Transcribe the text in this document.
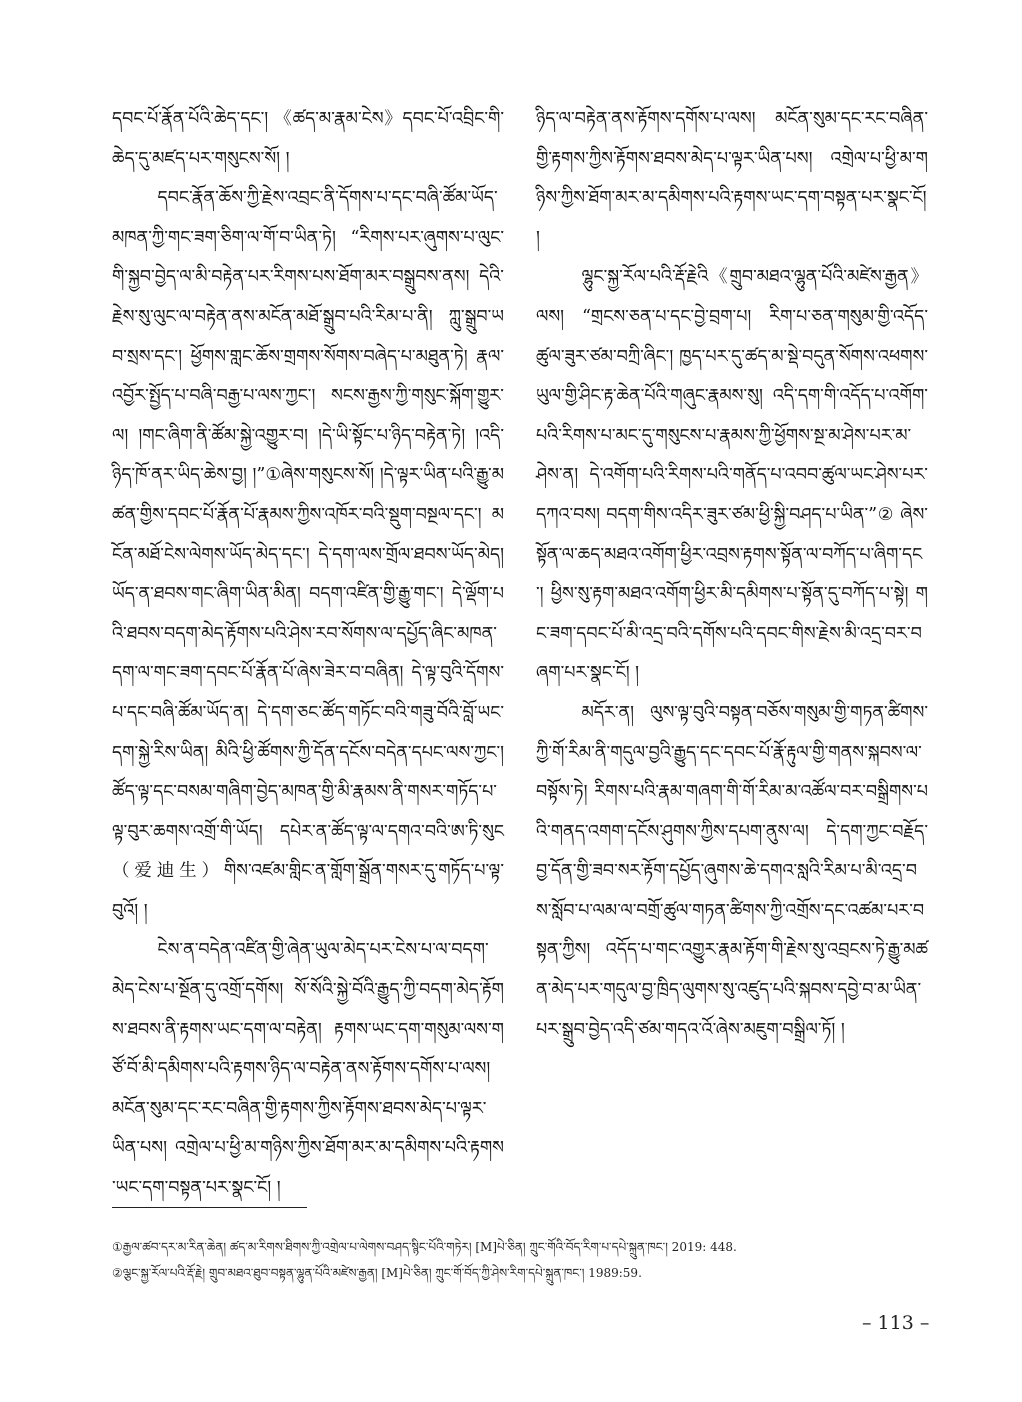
དབང་པོ་རྣོན་པོའི་ཆེད་དང་། 《ཚད་མ་རྣམ་ངེས》དབང་པོ་འབྲིང་གི་ཆེད་དུ་མཛད་པར་གསུངས་སོ། །

དབང་རྣོན་ཆོས་ཀྱི་རྗེས་འབྲང་ནི་དོགས་པ་དང་བཞི་ཚོམ་ཡོད་མཁན་ཀྱི་གང་ཟག་ཅིག་ལ་གོ་བ་ཡིན་ཏེ། “རིགས་པར་ཞུགས་པ་ལུང་གི་སྐྱབ་བྱེད་ལ་མི་བརྟེན་པར་རིགས་པས་ཐོག་མར་བསྒྲུབས་ནས། དེའི་རྗེས་སུ་ལུང་ལ་བརྟེན་ནས་མངོན་མཐོ་སྒྲུབ་པའི་རིམ་པ་ནི། ཀླུ་སྒྲུབ་ཡབ་སྲས་དང་། ཕྱོགས་གླང་ཆོས་གྲགས་སོགས་བཞེད་པ་མཐུན་ཏེ། རྣལ་འབྱོར་སྤྱོད་པ་བཞི་བརྒྱ་པ་ལས་ཀྱང་། སངས་རྒྱས་ཀྱི་གསུང་སྐོག་གྱུར་ལ། །གང་ཞིག་ནི་ཚོམ་སྐྱེ་འགྱུར་བ། །དེ་ཡི་སྟོང་པ་ཉིད་བརྟེན་ཏེ། །འདི་ཉིད་ཁོ་ནར་ཡིད་ཆེས་བྱ། །”①ཞེས་གསུངས་སོ། །དེ་ལྟར་ཡིན་པའི་རྒྱུ་མཚན་གྱིས་དབང་པོ་རྣོན་པོ་རྣམས་ཀྱིས་འཁོར་བའི་སྡུག་བསྔལ་དང་། མངོན་མཐོ་ངེས་ལེགས་ཡོད་མེད་དང་། དེ་དག་ལས་གྲོལ་ཐབས་ཡོད་མེད། ཡོད་ན་ཐབས་གང་ཞིག་ཡིན་མིན། བདག་འཛིན་གྱི་རྒྱུ་གང་། དེ་ལྡོག་པའི་ཐབས་བདག་མེད་རྟོགས་པའི་ཤེས་རབ་སོགས་ལ་དཔྱོད་ཞིང་མཁན་དག་ལ་གང་ཟག་དབང་པོ་རྣོན་པོ་ཞེས་ཟེར་བ་བཞིན། དེ་ལྟ་བུའི་དོགས་པ་དང་བཞི་ཚོམ་ཡོད་ན། དེ་དག་ཅང་ཚོད་གཏོང་བའི་གཟུ་བོའི་བློ་ཡང་དག་སྐྱེ་རིས་ཡིན། མིའི་ཕྱི་ཚོགས་ཀྱི་དོན་དངོས་བདེན་དཔང་ལས་ཀྱང་། ཚོད་ལྟ་དང་བསམ་གཞིག་བྱེད་མཁན་གྱི་མི་རྣམས་ནི་གསར་གཏོད་པ་ལྟ་བུར་ཆགས་འགྲོ་གི་ཡོད། དཔེར་ན་ཚོད་ལྟ་ལ་དགའ་བའི་ཨ་ཏི་སུང（爱迪生）གིས་འཛམ་གླིང་ན་གློག་སྒྲོན་གསར་དུ་གཏོད་པ་ལྟ་བུའོ། །

ངེས་ན་བདེན་འཛིན་གྱི་ཞེན་ཡུལ་མེད་པར་ངེས་པ་ལ་བདག་མེད་ངེས་པ་སྔོན་དུ་འགྲོ་དགོས། སོ་སོའི་སྐྱེ་བོའི་རྒྱུད་ཀྱི་བདག་མེད་རྟོགས་ཐབས་ནི་རྟགས་ཡང་དག་ལ་བརྟེན། རྟགས་ཡང་དག་གསུམ་ལས་གཙོ་བོ་མི་དམིགས་པའི་རྟགས་ཉིད་ལ་བརྟེན་ནས་རྟོགས་དགོས་པ་ལས། མངོན་སུམ་དང་རང་བཞིན་གྱི་རྟགས་ཀྱིས་རྟོགས་ཐབས་མེད་པ་ལྟར་ཡིན་པས། འགྲེལ་པ་ཕྱི་མ་གཉིས་ཀྱིས་ཐོག་མར་མ་དམིགས་པའི་རྟགས་ཡང་དག་བསྟན་པར་སྣང་ངོ། །

ཉིད་ལ་བརྟེན་ནས་རྟོགས་དགོས་པ་ལས། མངོན་སུམ་དང་རང་བཞིན་གྱི་རྟགས་ཀྱིས་རྟོགས་ཐབས་མེད་པ་ལྟར་ཡིན་པས། འགྲེལ་པ་ཕྱི་མ་གཉིས་ཀྱིས་ཐོག་མར་མ་དམིགས་པའི་རྟགས་ཡང་དག་བསྟན་པར་སྣང་ངོ། །

ལྷུང་སྐྱ་རོལ་པའི་རྡོ་རྗེའི《གྲུབ་མཐའ་ལྷུན་པོའི་མཛེས་རྒྱན》ལས། “གྲངས་ཅན་པ་དང་བྱེ་བྲག་པ། རིག་པ་ཅན་གསུམ་གྱི་འདོད་ཚུལ་ཟུར་ཙམ་བཀྲི་ཞིང་། ཁྱད་པར་དུ་ཚད་མ་སྡེ་བདུན་སོགས་འཕགས་ཡུལ་གྱི་ཤིང་རྟ་ཆེན་པོའི་གཞུང་རྣམས་སུ། འདི་དག་གི་འདོད་པ་འགོག་པའི་རིགས་པ་མང་དུ་གསུངས་པ་རྣམས་ཀྱི་ཕྱོགས་སྔ་མ་ཤེས་པར་མ་ཤེས་ན། དེ་འགོག་པའི་རིགས་པའི་གནོད་པ་འབབ་ཚུལ་ཡང་ཤེས་པར་དཀའ་བས། བདག་གིས་འདིར་ཟུར་ཙམ་ཕྱི་སྐྱི་བཤད་པ་ཡིན་”② ཞེས་སྟོན་ལ་ཆད་མཐའ་འགོག་ཕྱིར་འབྲས་རྟགས་སྟོན་ལ་བཀོད་པ་ཞིག་དང་། ཕྱིས་སུ་རྟག་མཐའ་འགོག་ཕྱིར་མི་དམིགས་པ་སྟོན་དུ་བཀོད་པ་སྟེ། གང་ཟག་དབང་པོ་མི་འདྲ་བའི་དགོས་པའི་དབང་གིས་རྗེས་མི་འདྲ་བར་བཞག་པར་སྣང་ངོ། །

མདོར་ན། ལུས་ལྟ་བུའི་བསྟན་བཅོས་གསུམ་གྱི་གཏན་ཚིགས་ཀྱི་གོ་རིམ་ནི་གདུལ་བྱའི་རྒྱུད་དང་དབང་པོ་རྣོ་རྟུལ་གྱི་གནས་སྐབས་ལ་བསྟོས་ཏེ། རིགས་པའི་རྣམ་གཞག་གི་གོ་རིམ་མ་འཚོལ་བར་བསྒྲིགས་པའི་གནད་འགག་དངོས་ཤུགས་ཀྱིས་དཔག་ནུས་ལ། དེ་དག་ཀྱང་བརྗོད་བྱ་དོན་གྱི་ཟབ་སར་རྟོག་དཔྱོད་ཞུགས་ཆེ་དགའ་སླའི་རིམ་པ་མི་འདྲ་བས་སློབ་པ་ལམ་ལ་བགྲོ་ཚུལ་གཏན་ཚིགས་ཀྱི་འགྲོས་དང་འཚམ་པར་བསྟན་ཀྱིས། འདོད་པ་གང་འགྱུར་རྣམ་རྟོག་གི་རྗེས་སུ་འབྲངས་ཏེ་རྒྱུ་མཚན་མེད་པར་གདུལ་བྱ་ཁྲིད་ལུགས་སུ་འཛུད་པའི་སྐབས་དབྱེ་བ་མ་ཡིན་པར་སྒྲུབ་བྱེད་འདི་ཙམ་གདའ་འོ་ཞེས་མཇུག་བསྒྲིལ་ཏོ། །

①རྒྱལ་ཚབ་དར་མ་རིན་ཆེན། ཚད་མ་རིགས་ཐིགས་ཀྱི་འགྲེལ་པ་ལེགས་བཤད་སྙིང་པོའི་གཏེར། [M]པེ་ཅིན། ཀྲུང་གོའི་བོད་རིག་པ་དཔེ་སྐྲུན་ཁང་། 2019: 448.
②ལྕང་སྐྱ་རོལ་པའི་རྡོ་རྗེ། གྲུབ་མཐའ་ཐུབ་བསྟན་ལྷུན་པོའི་མཛེས་རྒྱན། [M]པེ་ཅིན། ཀྲུང་གོ་བོད་ཀྱི་ཤེས་རིག་དཔེ་སྐྲུན་ཁང་། 1989:59.
– 113 –
